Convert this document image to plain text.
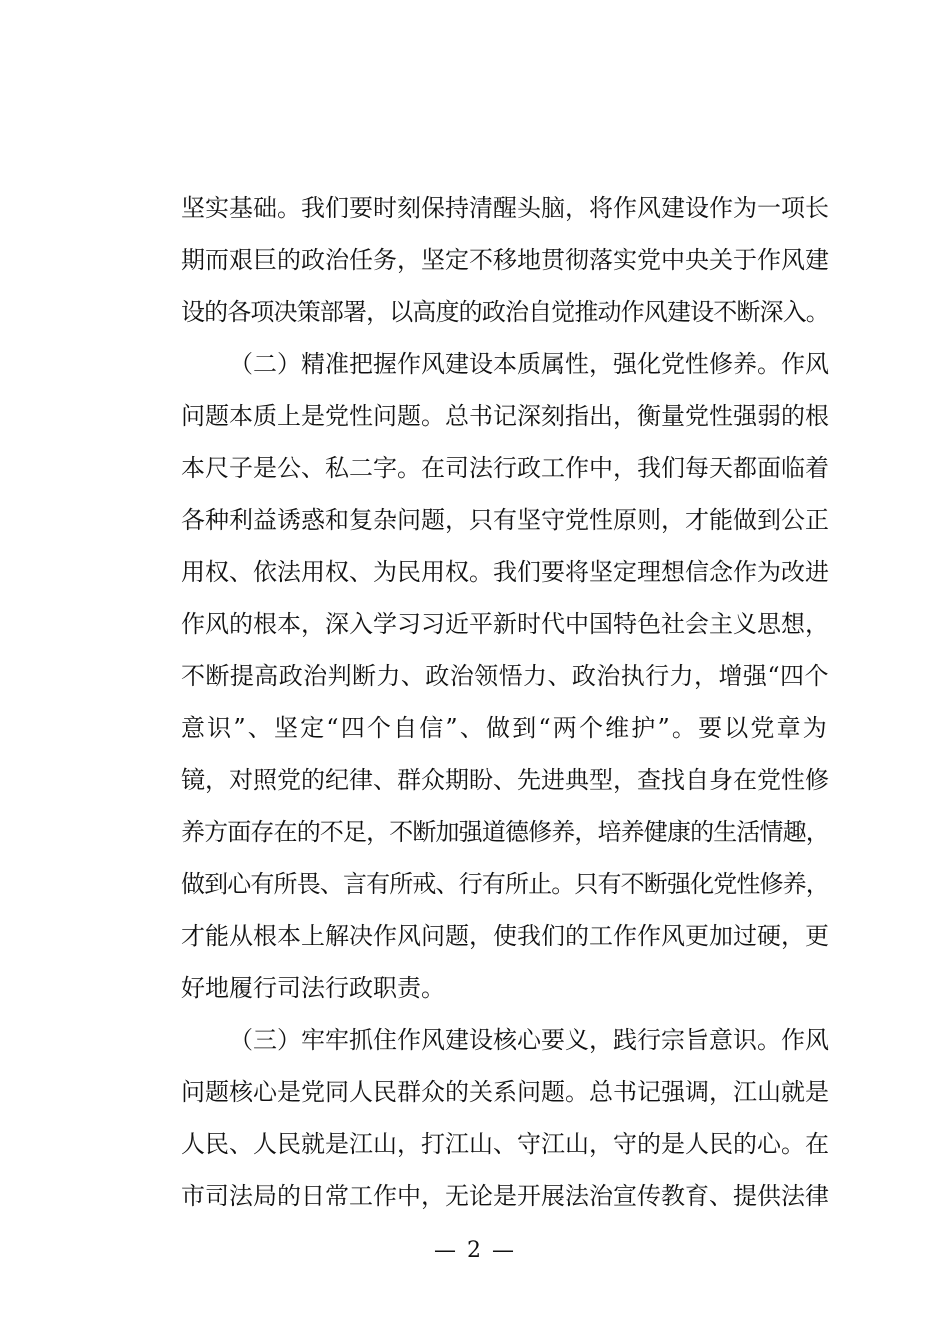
坚实基础。我们要时刻保持清醒头脑，将作风建设作为一项长
期而艰巨的政治任务，坚定不移地贯彻落实党中央关于作风建
设的各项决策部署，以高度的政治自觉推动作风建设不断深入。
（二）精准把握作风建设本质属性，强化党性修养。作风
问题本质上是党性问题。总书记深刻指出，衡量党性强弱的根
本尺子是公、私二字。在司法行政工作中，我们每天都面临着
各种利益诱惑和复杂问题，只有坚守党性原则，才能做到公正
用权、依法用权、为民用权。我们要将坚定理想信念作为改进
作风的根本，深入学习习近平新时代中国特色社会主义思想，
不断提高政治判断力、政治领悟力、政治执行力，增强“四个
意识”、坚定“四个自信”、做到“两个维护”。要以党章为
镜，对照党的纪律、群众期盼、先进典型，查找自身在党性修
养方面存在的不足，不断加强道德修养，培养健康的生活情趣，
做到心有所畏、言有所戒、行有所止。只有不断强化党性修养，
才能从根本上解决作风问题，使我们的工作作风更加过硬，更
好地履行司法行政职责。
（三）牢牢抓住作风建设核心要义，践行宗旨意识。作风
问题核心是党同人民群众的关系问题。总书记强调，江山就是
人民、人民就是江山，打江山、守江山，守的是人民的心。在
市司法局的日常工作中，无论是开展法治宣传教育、提供法律
— 2 —
